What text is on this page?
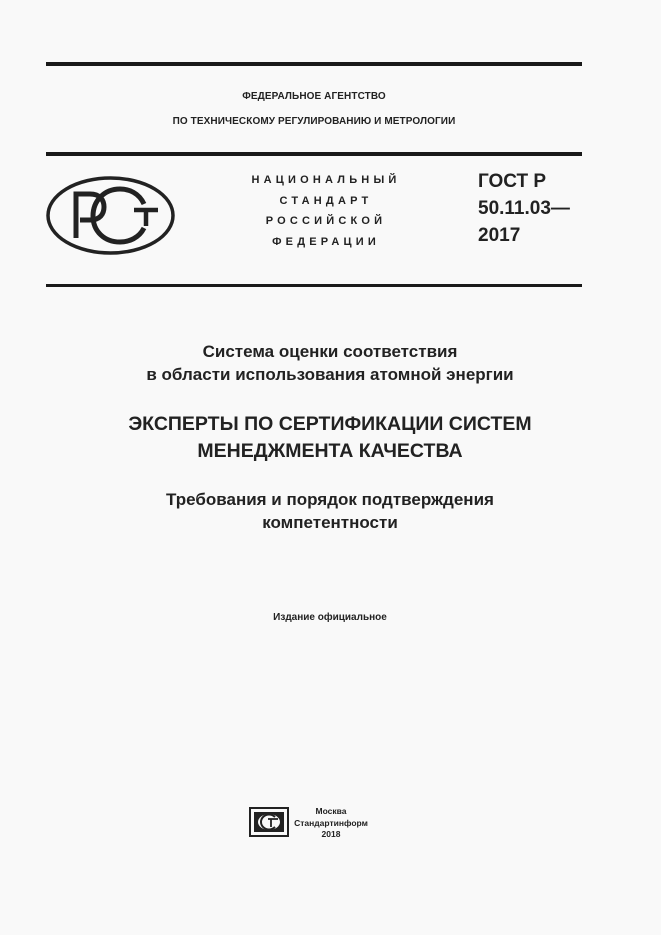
ФЕДЕРАЛЬНОЕ АГЕНТСТВО
ПО ТЕХНИЧЕСКОМУ РЕГУЛИРОВАНИЮ И МЕТРОЛОГИИ
НАЦИОНАЛЬНЫЙ
СТАНДАРТ
РОССИЙСКОЙ
ФЕДЕРАЦИИ
ГОСТ Р
50.11.03—
2017
Система оценки соответствия
в области использования атомной энергии
ЭКСПЕРТЫ ПО СЕРТИФИКАЦИИ СИСТЕМ
МЕНЕДЖМЕНТА КАЧЕСТВА
Требования и порядок подтверждения
компетентности
Издание официальное
Москва
Стандартинформ
2018
